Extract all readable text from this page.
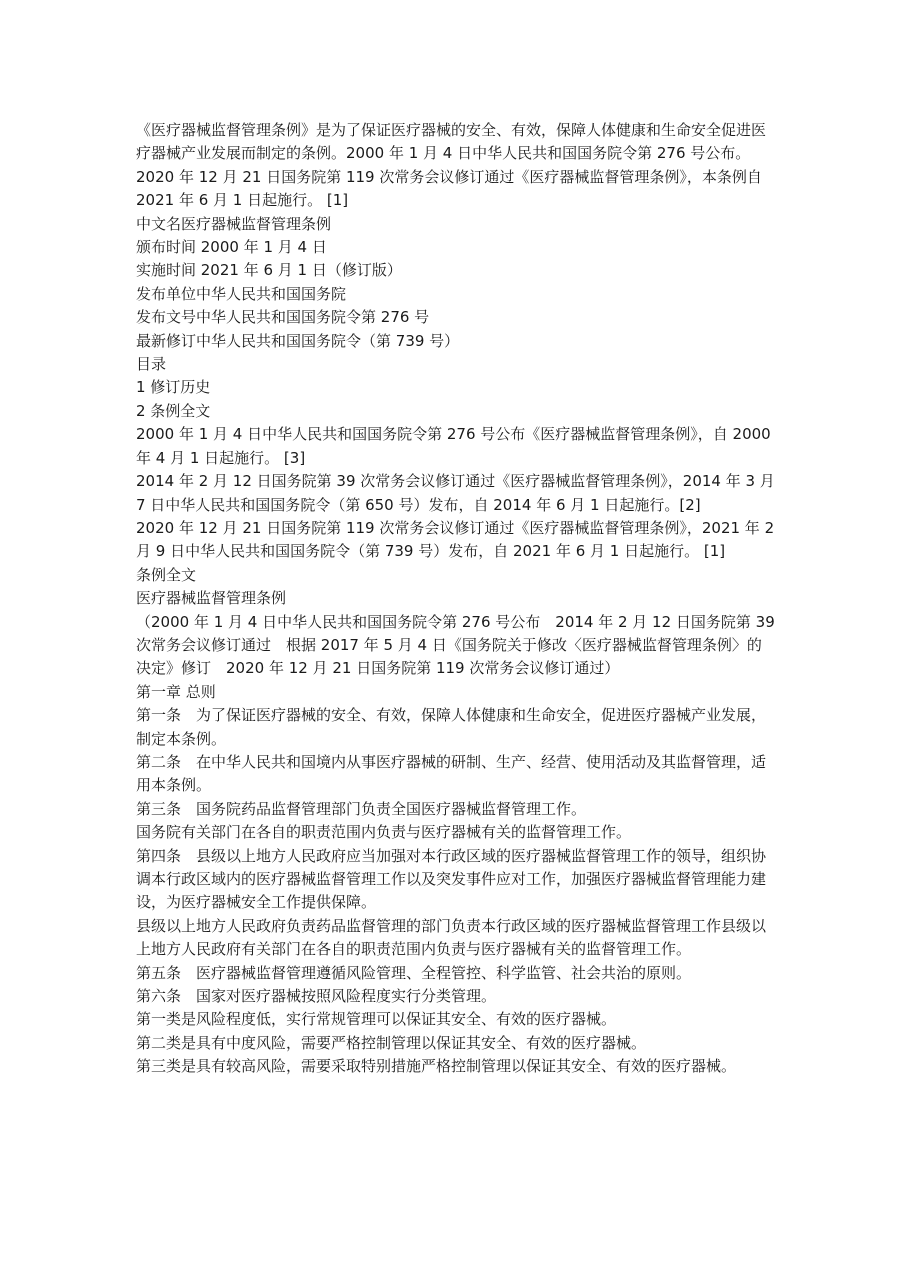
《医疗器械监督管理条例》是为了保证医疗器械的安全、有效，保障人体健康和生命安全促进医疗器械产业发展而制定的条例。2000 年 1 月 4 日中华人民共和国国务院令第 276 号公布。

2020 年 12 月 21 日国务院第 119 次常务会议修订通过《医疗器械监督管理条例》，本条例自 2021 年 6 月 1 日起施行。 [1]

中文名医疗器械监督管理条例

颁布时间 2000 年 1 月 4 日

实施时间 2021 年 6 月 1 日（修订版）

发布单位中华人民共和国国务院

发布文号中华人民共和国国务院令第 276 号

最新修订中华人民共和国国务院令（第 739 号）

目录

1 修订历史

2 条例全文

2000 年 1 月 4 日中华人民共和国国务院令第 276 号公布《医疗器械监督管理条例》，自 2000 年 4 月 1 日起施行。 [3]

2014 年 2 月 12 日国务院第 39 次常务会议修订通过《医疗器械监督管理条例》，2014 年 3 月 7 日中华人民共和国国务院令（第 650 号）发布，自 2014 年 6 月 1 日起施行。[2]

2020 年 12 月 21 日国务院第 119 次常务会议修订通过《医疗器械监督管理条例》，2021 年 2 月 9 日中华人民共和国国务院令（第 739 号）发布，自 2021 年 6 月 1 日起施行。 [1]

条例全文

医疗器械监督管理条例

（2000 年 1 月 4 日中华人民共和国国务院令第 276 号公布　2014 年 2 月 12 日国务院第 39 次常务会议修订通过　根据 2017 年 5 月 4 日《国务院关于修改〈医疗器械监督管理条例〉的决定》修订　2020 年 12 月 21 日国务院第 119 次常务会议修订通过）

第一章 总则

第一条　为了保证医疗器械的安全、有效，保障人体健康和生命安全，促进医疗器械产业发展，制定本条例。

第二条　在中华人民共和国境内从事医疗器械的研制、生产、经营、使用活动及其监督管理，适用本条例。

第三条　国务院药品监督管理部门负责全国医疗器械监督管理工作。

国务院有关部门在各自的职责范围内负责与医疗器械有关的监督管理工作。

第四条　县级以上地方人民政府应当加强对本行政区域的医疗器械监督管理工作的领导，组织协调本行政区域内的医疗器械监督管理工作以及突发事件应对工作，加强医疗器械监督管理能力建设，为医疗器械安全工作提供保障。

县级以上地方人民政府负责药品监督管理的部门负责本行政区域的医疗器械监督管理工作县级以上地方人民政府有关部门在各自的职责范围内负责与医疗器械有关的监督管理工作。

第五条　医疗器械监督管理遵循风险管理、全程管控、科学监管、社会共治的原则。

第六条　国家对医疗器械按照风险程度实行分类管理。

第一类是风险程度低，实行常规管理可以保证其安全、有效的医疗器械。

第二类是具有中度风险，需要严格控制管理以保证其安全、有效的医疗器械。

第三类是具有较高风险，需要采取特别措施严格控制管理以保证其安全、有效的医疗器械。
